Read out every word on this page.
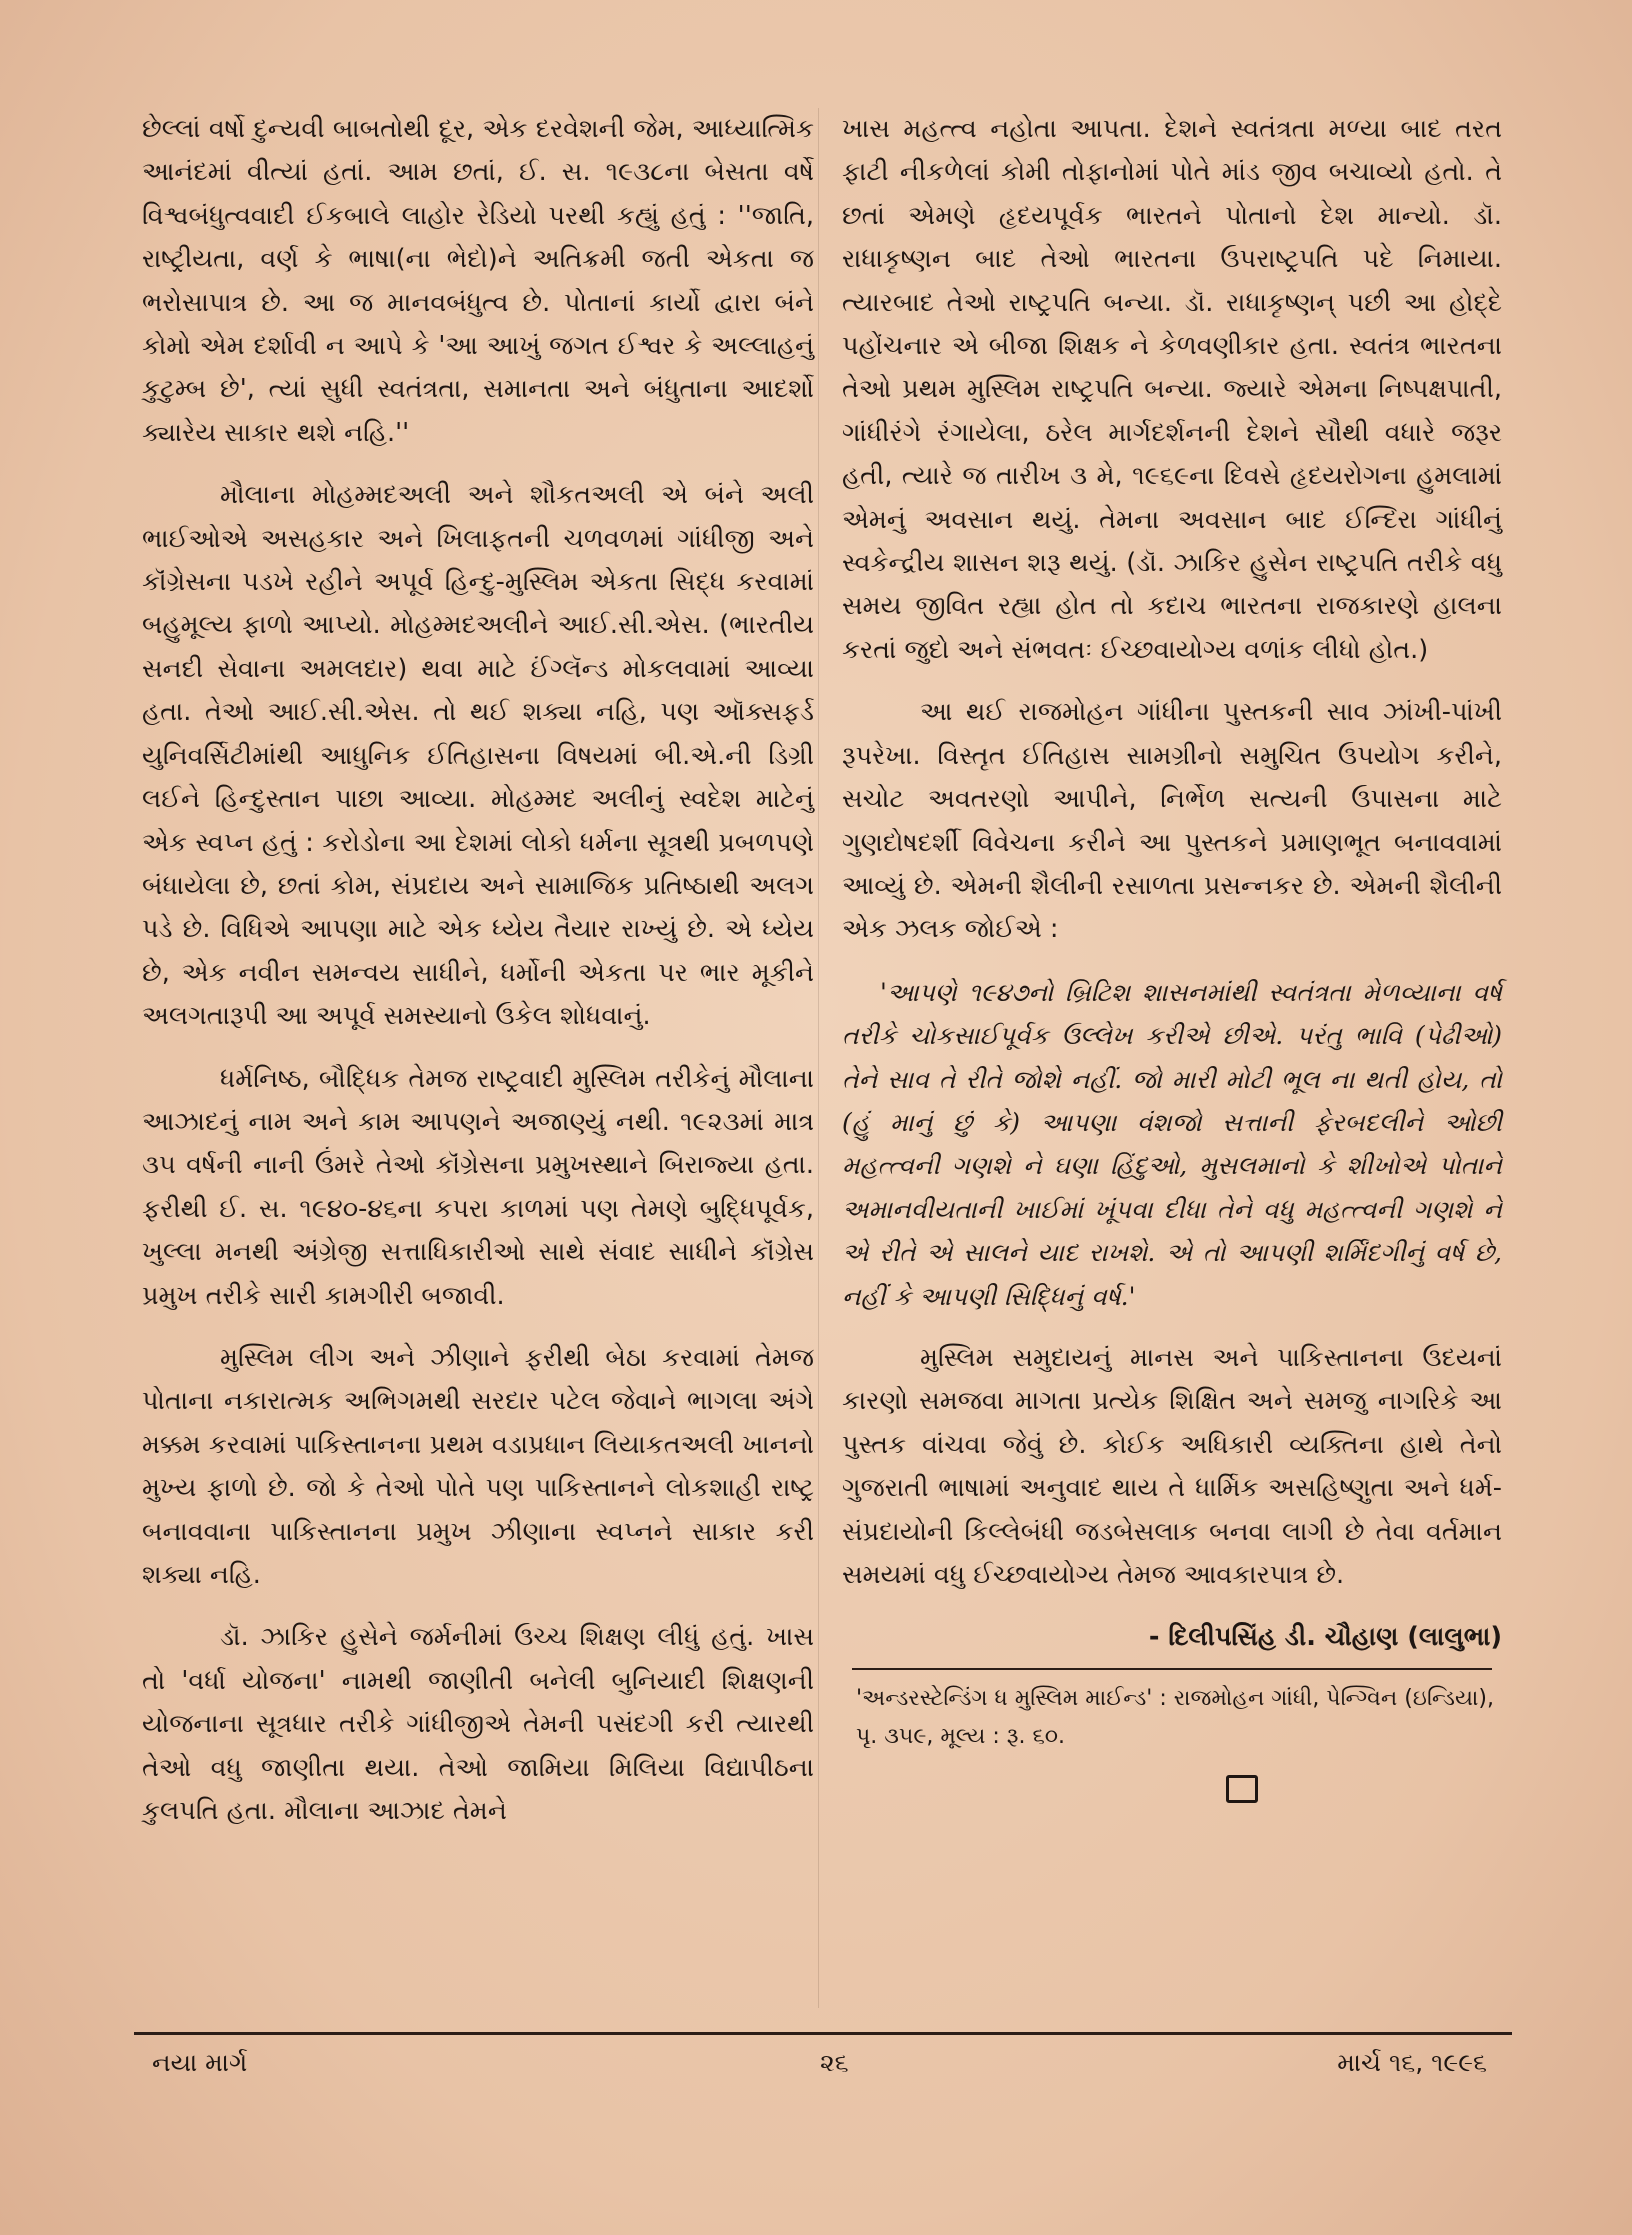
છેલ્લાં વર્ષો દુન્યવી બાબતોથી દૂર, એક દરવેશની જેમ, આધ્યાત્મિક આનંદમાં વીત્યાં હતાં. આમ છતાં, ઈ. સ. ૧૯૩૮ના બેસતા વર્ષે વિશ્વબંધુત્વવાદી ઈકબાલે લાહોર રેડિયો પરથી કહ્યું હતું : ''જાતિ, રાષ્ટ્રીયતા, વર્ણ કે ભાષા(ના ભેદો)ને અતિક્રમી જતી એકતા જ ભરોસાપાત્ર છે. આ જ માનવબંધુત્વ છે. પોતાનાં કાર્યો દ્વારા બંને કોમો એમ દર્શાવી ન આપે કે 'આ આખું જગત ઈશ્વર કે અલ્લાહનું કુટુમ્બ છે', ત્યાં સુધી સ્વતંત્રતા, સમાનતા અને બંધુતાના આદર્શો ક્યારેય સાકાર થશે નહિ.''

મૌલાના મોહમ્મદઅલી અને શૌકતઅલી એ બંને અલી ભાઈઓએ અસહકાર અને ખિલાફતની ચળવળમાં ગાંધીજી અને કૉંગ્રેસના પડખે રહીને અપૂર્વ હિન્દુ-મુસ્લિમ એકતા સિદ્ધ કરવામાં બહુમૂલ્ય ફાળો આપ્યો. મોહમ્મદઅલીને આઈ.સી.એસ. (ભારતીય સનદી સેવાના અમલદાર) થવા માટે ઈંગ્લૅન્ડ મોકલવામાં આવ્યા હતા. તેઓ આઈ.સી.એસ. તો થઈ શક્યા નહિ, પણ ઑક્સફર્ડ યુનિવર્સિટીમાંથી આધુનિક ઈતિહાસના વિષયમાં બી.એ.ની ડિગ્રી લઈને હિન્દુસ્તાન પાછા આવ્યા. મોહમ્મદ અલીનું સ્વદેશ માટેનું એક સ્વપ્ન હતું : કરોડોના આ દેશમાં લોકો ધર્મના સૂત્રથી પ્રબળપણે બંધાયેલા છે, છતાં કોમ, સંપ્રદાય અને સામાજિક પ્રતિષ્ઠાથી અલગ પડે છે. વિધિએ આપણા માટે એક ધ્યેય તૈયાર રાખ્યું છે. એ ધ્યેય છે, એક નવીન સમન્વય સાધીને, ધર્મોની એકતા પર ભાર મૂકીને અલગતારૂપી આ અપૂર્વ સમસ્યાનો ઉકેલ શોધવાનું.

ધર્મનિષ્ઠ, બૌદ્ધિક તેમજ રાષ્ટ્રવાદી મુસ્લિમ તરીકેનું મૌલાના આઝાદનું નામ અને કામ આપણને અજાણ્યું નથી. ૧૯૨૩માં માત્ર ૩૫ વર્ષની નાની ઉંમરે તેઓ કૉંગ્રેસના પ્રમુખસ્થાને બિરાજ્યા હતા. ફરીથી ઈ. સ. ૧૯૪૦-૪૬ના કપરા કાળમાં પણ તેમણે બુદ્ધિપૂર્વક, ખુલ્લા મનથી અંગ્રેજી સત્તાધિકારીઓ સાથે સંવાદ સાધીને કૉંગ્રેસ પ્રમુખ તરીકે સારી કામગીરી બજાવી.

મુસ્લિમ લીગ અને ઝીણાને ફરીથી બેઠા કરવામાં તેમજ પોતાના નકારાત્મક અભિગમથી સરદાર પટેલ જેવાને ભાગલા અંગે મક્કમ કરવામાં પાકિસ્તાનના પ્રથમ વડાપ્રધાન લિયાકતઅલી ખાનનો મુખ્ય ફાળો છે. જો કે તેઓ પોતે પણ પાકિસ્તાનને લોકશાહી રાષ્ટ્ર બનાવવાના પાકિસ્તાનના પ્રમુખ ઝીણાના સ્વપ્નને સાકાર કરી શક્યા નહિ.

ડૉ. ઝાકિર હુસેને જર્મનીમાં ઉચ્ચ શિક્ષણ લીધું હતું. ખાસ તો 'વર્ધા યોજના' નામથી જાણીતી બનેલી બુનિયાદી શિક્ષણની યોજનાના સૂત્રધાર તરીકે ગાંધીજીએ તેમની પસંદગી કરી ત્યારથી તેઓ વધુ જાણીતા થયા. તેઓ જામિયા મિલિયા વિદ્યાપીઠના કુલપતિ હતા. મૌલાના આઝાદ તેમને

ખાસ મહત્ત્વ નહોતા આપતા. દેશને સ્વતંત્રતા મળ્યા બાદ તરત ફાટી નીકળેલાં કોમી તોફાનોમાં પોતે માંડ જીવ બચાવ્યો હતો. તે છતાં એમણે હૃદયપૂર્વક ભારતને પોતાનો દેશ માન્યો. ડૉ. રાધાકૃષ્ણન બાદ તેઓ ભારતના ઉપરાષ્ટ્રપતિ પદે નિમાયા. ત્યારબાદ તેઓ રાષ્ટ્રપતિ બન્યા. ડૉ. રાધાકૃષ્ણન્ પછી આ હોદ્દે પહોંચનાર એ બીજા શિક્ષક ને કેળવણીકાર હતા. સ્વતંત્ર ભારતના તેઓ પ્રથમ મુસ્લિમ રાષ્ટ્રપતિ બન્યા. જ્યારે એમના નિષ્પક્ષપાતી, ગાંધીરંગે રંગાયેલા, ઠરેલ માર્ગદર્શનની દેશને સૌથી વધારે જરૂર હતી, ત્યારે જ તારીખ ૩ મે, ૧૯૬૯ના દિવસે હૃદયરોગના હુમલામાં એમનું અવસાન થયું. તેમના અવસાન બાદ ઈન્દિરા ગાંધીનું સ્વકેન્દ્રીય શાસન શરૂ થયું. (ડૉ. ઝાકિર હુસેન રાષ્ટ્રપતિ તરીકે વધુ સમય જીવિત રહ્યા હોત તો કદાચ ભારતના રાજકારણે હાલના કરતાં જુદો અને સંભવતઃ ઈચ્છવાયોગ્ય વળાંક લીધો હોત.)

આ થઈ રાજમોહન ગાંધીના પુસ્તકની સાવ ઝાંખી-પાંખી રૂપરેખા. વિસ્તૃત ઈતિહાસ સામગ્રીનો સમુચિત ઉપયોગ કરીને, સચોટ અવતરણો આપીને, નિર્ભેળ સત્યની ઉપાસના માટે ગુણદોષદર્શી વિવેચના કરીને આ પુસ્તકને પ્રમાણભૂત બનાવવામાં આવ્યું છે. એમની શૈલીની રસાળતા પ્રસન્નકર છે. એમની શૈલીની એક ઝલક જોઈએ :

'આપણે ૧૯૪૭નો બ્રિટિશ શાસનમાંથી સ્વતંત્રતા મેળવ્યાના વર્ષ તરીકે ચોકસાઈપૂર્વક ઉલ્લેખ કરીએ છીએ. પરંતુ ભાવિ (પેઢીઓ) તેને સાવ તે રીતે જોશે નહીં. જો મારી મોટી ભૂલ ના થતી હોય, તો (હું માનું છું કે) આપણા વંશજો સત્તાની ફેરબદલીને ઓછી મહત્ત્વની ગણશે ને ઘણા હિંદુઓ, મુસલમાનો કે શીખોએ પોતાને અમાનવીયતાની ખાઈમાં ખૂંપવા દીધા તેને વધુ મહત્ત્વની ગણશે ને એ રીતે એ સાલને યાદ રાખશે. એ તો આપણી શર્મિંદગીનું વર્ષ છે, નહીં કે આપણી સિદ્ધિનું વર્ષ.'

મુસ્લિમ સમુદાયનું માનસ અને પાકિસ્તાનના ઉદયનાં કારણો સમજવા માગતા પ્રત્યેક શિક્ષિત અને સમજુ નાગરિકે આ પુસ્તક વાંચવા જેવું છે. કોઈક અધિકારી વ્યક્તિના હાથે તેનો ગુજરાતી ભાષામાં અનુવાદ થાય તે ધાર્મિક અસહિષ્ણુતા અને ધર્મ-સંપ્રદાયોની કિલ્લેબંધી જડબેસલાક બનવા લાગી છે તેવા વર્તમાન સમયમાં વધુ ઈચ્છવાયોગ્ય તેમજ આવકારપાત્ર છે.

- દિલીપસિંહ ડી. ચૌહાણ (લાલુભા)

'અન્ડરસ્ટેન્ડિંગ ધ મુસ્લિમ માઈન્ડ' : રાજમોહન ગાંધી, પેન્ગ્વિન (ઇન્ડિયા), પૃ. ૩૫૯, મૂલ્ય : રૂ. ૬૦.

નયા માર્ગ	૨૬	માર્ચ ૧૬, ૧૯૯૬
